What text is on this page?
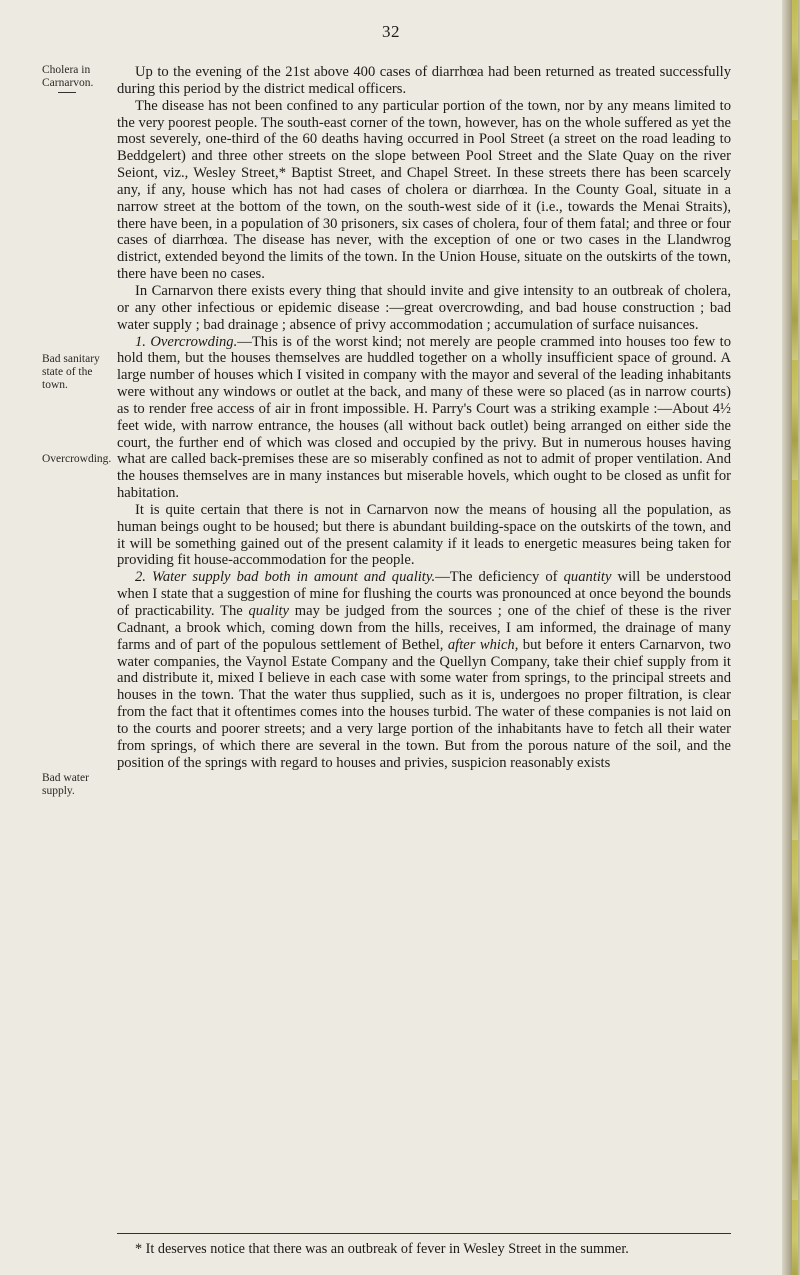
32
Cholera in Carnarvon.
Bad sanitary state of the town.
Overcrowding.
Bad water supply.

Up to the evening of the 21st above 400 cases of diarrhœa had been returned as treated successfully during this period by the district medical officers.

The disease has not been confined to any particular portion of the town, nor by any means limited to the very poorest people. The south-east corner of the town, however, has on the whole suffered as yet the most severely, one-third of the 60 deaths having occurred in Pool Street (a street on the road leading to Beddgelert) and three other streets on the slope between Pool Street and the Slate Quay on the river Seiont, viz., Wesley Street,* Baptist Street, and Chapel Street. In these streets there has been scarcely any, if any, house which has not had cases of cholera or diarrhœa. In the County Goal, situate in a narrow street at the bottom of the town, on the south-west side of it (i.e., towards the Menai Straits), there have been, in a population of 30 prisoners, six cases of cholera, four of them fatal; and three or four cases of diarrhœa. The disease has never, with the exception of one or two cases in the Llandwrog district, extended beyond the limits of the town. In the Union House, situate on the outskirts of the town, there have been no cases.

In Carnarvon there exists every thing that should invite and give intensity to an outbreak of cholera, or any other infectious or epidemic disease :—great overcrowding, and bad house construction ; bad water supply ; bad drainage ; absence of privy accommodation ; accumulation of surface nuisances.

1. Overcrowding.—This is of the worst kind; not merely are people crammed into houses too few to hold them, but the houses themselves are huddled together on a wholly insufficient space of ground. A large number of houses which I visited in company with the mayor and several of the leading inhabitants were without any windows or outlet at the back, and many of these were so placed (as in narrow courts) as to render free access of air in front impossible. H. Parry's Court was a striking example :—About 4½ feet wide, with narrow entrance, the houses (all without back outlet) being arranged on either side the court, the further end of which was closed and occupied by the privy. But in numerous houses having what are called back-premises these are so miserably confined as not to admit of proper ventilation. And the houses themselves are in many instances but miserable hovels, which ought to be closed as unfit for habitation.

It is quite certain that there is not in Carnarvon now the means of housing all the population, as human beings ought to be housed; but there is abundant building-space on the outskirts of the town, and it will be something gained out of the present calamity if it leads to energetic measures being taken for providing fit house-accommodation for the people.

2. Water supply bad both in amount and quality.—The deficiency of quantity will be understood when I state that a suggestion of mine for flushing the courts was pronounced at once beyond the bounds of practicability. The quality may be judged from the sources ; one of the chief of these is the river Cadnant, a brook which, coming down from the hills, receives, I am informed, the drainage of many farms and of part of the populous settlement of Bethel, after which, but before it enters Carnarvon, two water companies, the Vaynol Estate Company and the Quellyn Company, take their chief supply from it and distribute it, mixed I believe in each case with some water from springs, to the principal streets and houses in the town. That the water thus supplied, such as it is, undergoes no proper filtration, is clear from the fact that it oftentimes comes into the houses turbid. The water of these companies is not laid on to the courts and poorer streets; and a very large portion of the inhabitants have to fetch all their water from springs, of which there are several in the town. But from the porous nature of the soil, and the position of the springs with regard to houses and privies, suspicion reasonably exists

* It deserves notice that there was an outbreak of fever in Wesley Street in the summer.
